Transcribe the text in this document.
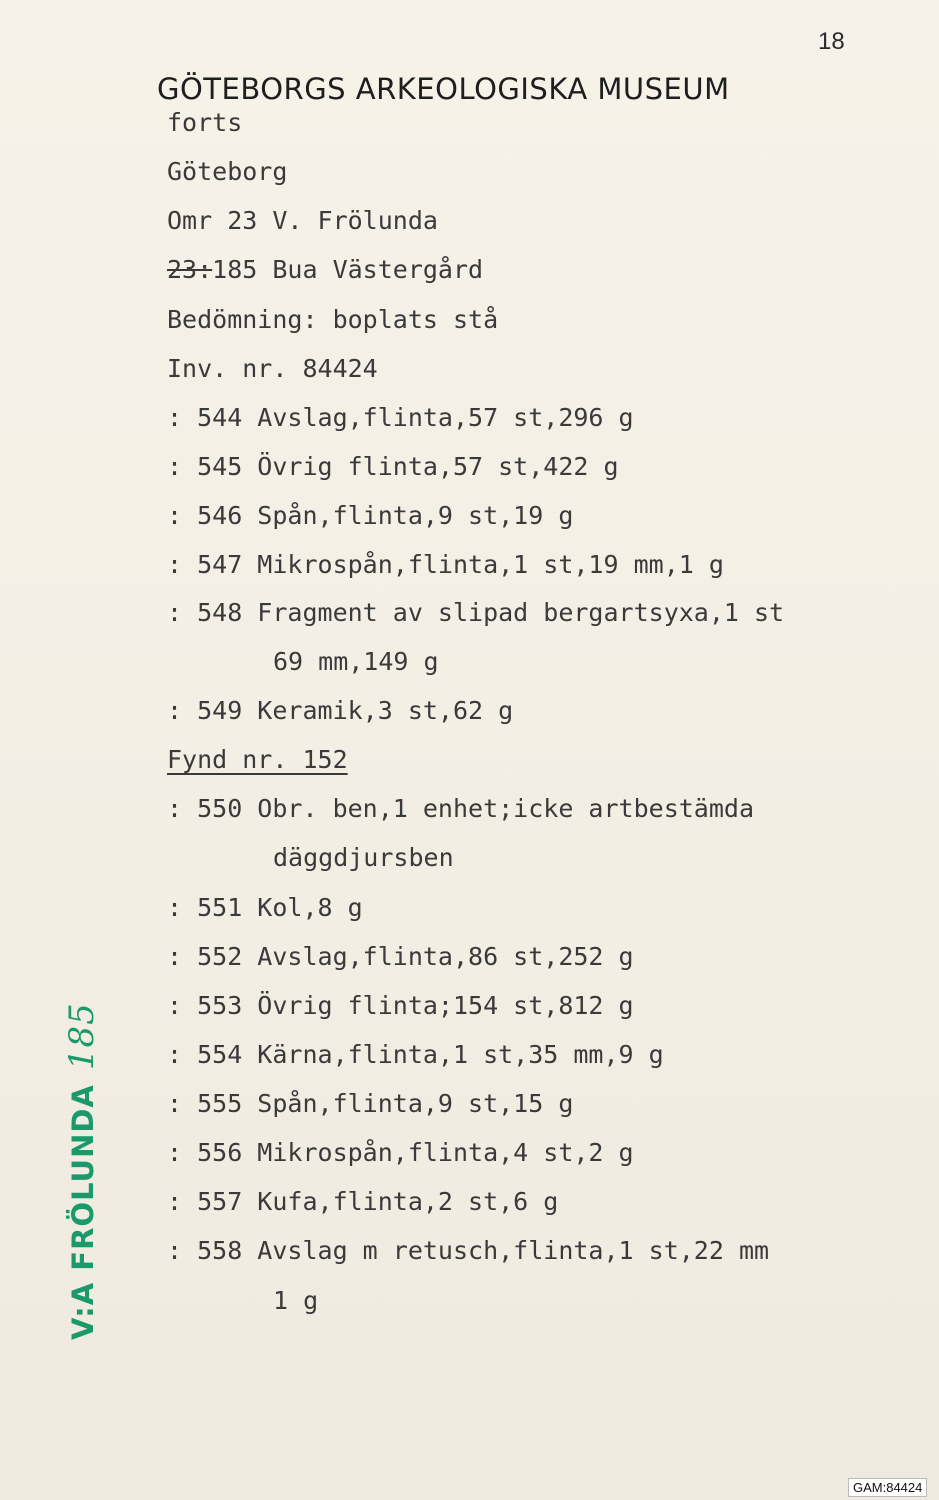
18
GÖTEBORGS ARKEOLOGISKA MUSEUM
forts
Göteborg
Omr 23 V. Frölunda
23:185 Bua Västergård
Bedömning: boplats stå
Inv. nr. 84424
: 544 Avslag,flinta,57 st,296 g
: 545 Övrig flinta,57 st,422 g
: 546 Spån,flinta,9 st,19 g
: 547 Mikrospån,flinta,1 st,19 mm,1 g
: 548 Fragment av slipad bergartsyxa,1 st
69 mm,149 g
: 549 Keramik,3 st,62 g
Fynd nr. 152
: 550 Obr. ben,1 enhet;icke artbestämda
däggdjursben
: 551 Kol,8 g
: 552 Avslag,flinta,86 st,252 g
: 553 Övrig flinta;154 st,812 g
: 554 Kärna,flinta,1 st,35 mm,9 g
: 555 Spån,flinta,9 st,15 g
: 556 Mikrospån,flinta,4 st,2 g
: 557 Kufa,flinta,2 st,6 g
: 558 Avslag m retusch,flinta,1 st,22 mm
1 g
V:A FRÖLUNDA185
GAM:84424
